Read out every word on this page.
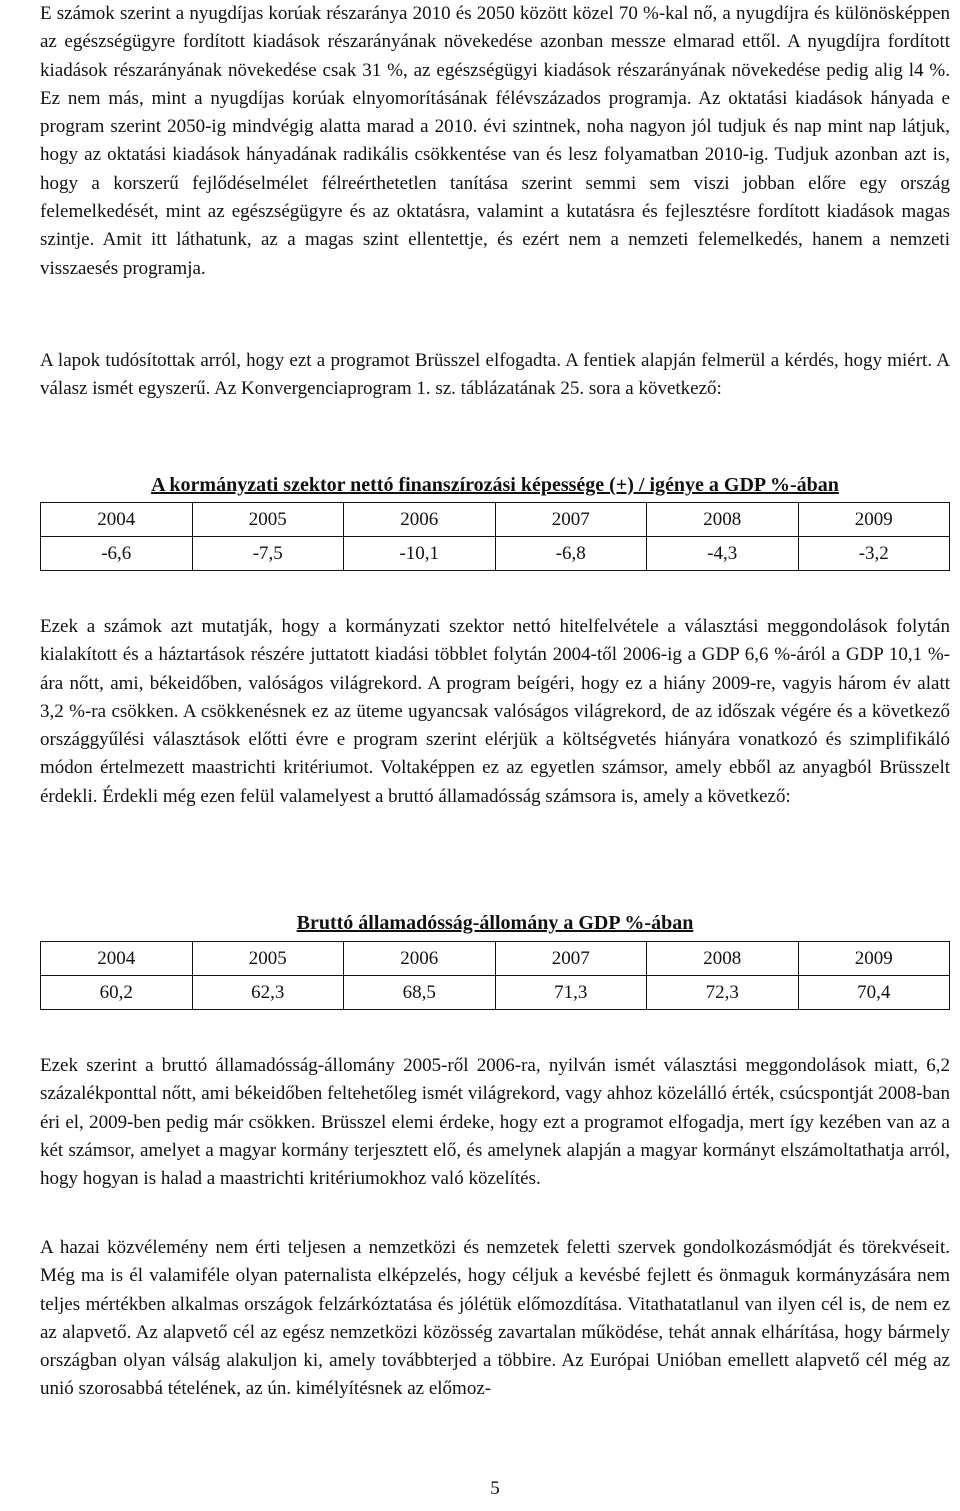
E számok szerint a nyugdíjas korúak részaránya 2010 és 2050 között közel 70 %-kal nő, a nyugdíjra és különösképpen az egészségügyre fordított kiadások részarányának növekedése azonban messze elmarad ettől. A nyugdíjra fordított kiadások részarányának növekedése csak 31 %, az egészségügyi kiadások részarányának növekedése pedig alig l4 %. Ez nem más, mint a nyugdíjas korúak elnyomorításának félévszázados programja. Az oktatási kiadások hányada e program szerint 2050-ig mindvégig alatta marad a 2010. évi szintnek, noha nagyon jól tudjuk és nap mint nap látjuk, hogy az oktatási kiadások hányadának radikális csökkentése van és lesz folyamatban 2010-ig. Tudjuk azonban azt is, hogy a korszerű fejlődéselmélet félreérthetetlen tanítása szerint semmi sem viszi jobban előre egy ország felemelkedését, mint az egészségügyre és az oktatásra, valamint a kutatásra és fejlesztésre fordított kiadások magas szintje. Amit itt láthatunk, az a magas szint ellentettje, és ezért nem a nemzeti felemelkedés, hanem a nemzeti visszaesés programja.

A lapok tudósítottak arról, hogy ezt a programot Brüsszel elfogadta. A fentiek alapján felmerül a kérdés, hogy miért. A válasz ismét egyszerű. Az Konvergenciaprogram 1. sz. táblázatának 25. sora a következő:

A kormányzati szektor nettó finanszírozási képessége (+) / igénye a GDP %-ában
2004	2005	2006	2007	2008	2009
-6,6	-7,5	-10,1	-6,8	-4,3	-3,2

Ezek a számok azt mutatják, hogy a kormányzati szektor nettó hitelfelvétele a választási meggondolások folytán kialakított és a háztartások részére juttatott kiadási többlet folytán 2004-től 2006-ig a GDP 6,6 %-áról a GDP 10,1 %-ára nőtt, ami, békeidőben, valóságos világrekord. A program beígéri, hogy ez a hiány 2009-re, vagyis három év alatt 3,2 %-ra csökken. A csökkenésnek ez az üteme ugyancsak valóságos világrekord, de az időszak végére és a következő országgyűlési választások előtti évre e program szerint elérjük a költségvetés hiányára vonatkozó és szimplifikáló módon értelmezett maastrichti kritériumot. Voltaképpen ez az egyetlen számsor, amely ebből az anyagból Brüsszelt érdekli. Érdekli még ezen felül valamelyest a bruttó államadósság számsora is, amely a következő:

Bruttó államadósság-állomány a GDP %-ában
2004	2005	2006	2007	2008	2009
60,2	62,3	68,5	71,3	72,3	70,4

Ezek szerint a bruttó államadósság-állomány 2005-ről 2006-ra, nyilván ismét választási meggondolások miatt, 6,2 százalékponttal nőtt, ami békeidőben feltehetőleg ismét világrekord, vagy ahhoz közelálló érték, csúcspontját 2008-ban éri el, 2009-ben pedig már csökken. Brüsszel elemi érdeke, hogy ezt a programot elfogadja, mert így kezében van az a két számsor, amelyet a magyar kormány terjesztett elő, és amelynek alapján a magyar kormányt elszámoltathatja arról, hogy hogyan is halad a maastrichti kritériumokhoz való közelítés.

A hazai közvélemény nem érti teljesen a nemzetközi és nemzetek feletti szervek gondolkozásmódját és törekvéseit. Még ma is él valamiféle olyan paternalista elképzelés, hogy céljuk a kevésbé fejlett és önmaguk kormányzására nem teljes mértékben alkalmas országok felzárkóztatása és jólétük előmozdítása. Vitathatatlanul van ilyen cél is, de nem ez az alapvető. Az alapvető cél az egész nemzetközi közösség zavartalan működése, tehát annak elhárítása, hogy bármely országban olyan válság alakuljon ki, amely továbbterjed a többire. Az Európai Unióban emellett alapvető cél még az unió szorosabbá tételének, az ún. kimélyítésnek az előmoz-

5
